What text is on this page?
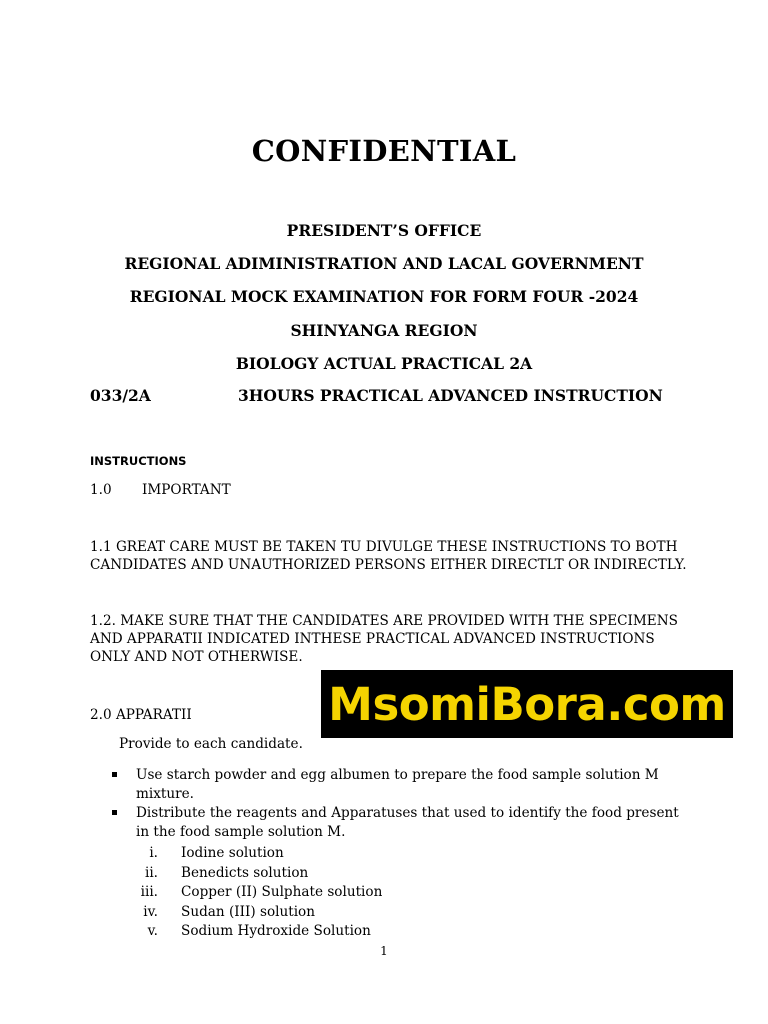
CONFIDENTIAL
PRESIDENT’S OFFICE
REGIONAL ADIMINISTRATION AND LACAL GOVERNMENT
REGIONAL MOCK EXAMINATION FOR FORM FOUR -2024
SHINYANGA REGION
BIOLOGY ACTUAL PRACTICAL 2A
033/2A	3HOURS PRACTICAL ADVANCED INSTRUCTION
INSTRUCTIONS
1.0 IMPORTANT
1.1 GREAT CARE MUST BE TAKEN TU DIVULGE THESE INSTRUCTIONS TO BOTH CANDIDATES AND UNAUTHORIZED PERSONS EITHER DIRECTLT OR INDIRECTLY.
1.2. MAKE SURE THAT THE CANDIDATES ARE PROVIDED WITH THE SPECIMENS AND APPARATII INDICATED INTHESE PRACTICAL ADVANCED INSTRUCTIONS ONLY AND NOT OTHERWISE.
2.0 APPARATII
Provide to each candidate.
Use starch powder and egg albumen to prepare the food sample solution M mixture.
Distribute the reagents and Apparatuses that used to identify the food present in the food sample solution M.
i. Iodine solution
ii. Benedicts solution
iii. Copper (II) Sulphate solution
iv. Sudan (III) solution
v. Sodium Hydroxide Solution
1
MsomiBora.com
